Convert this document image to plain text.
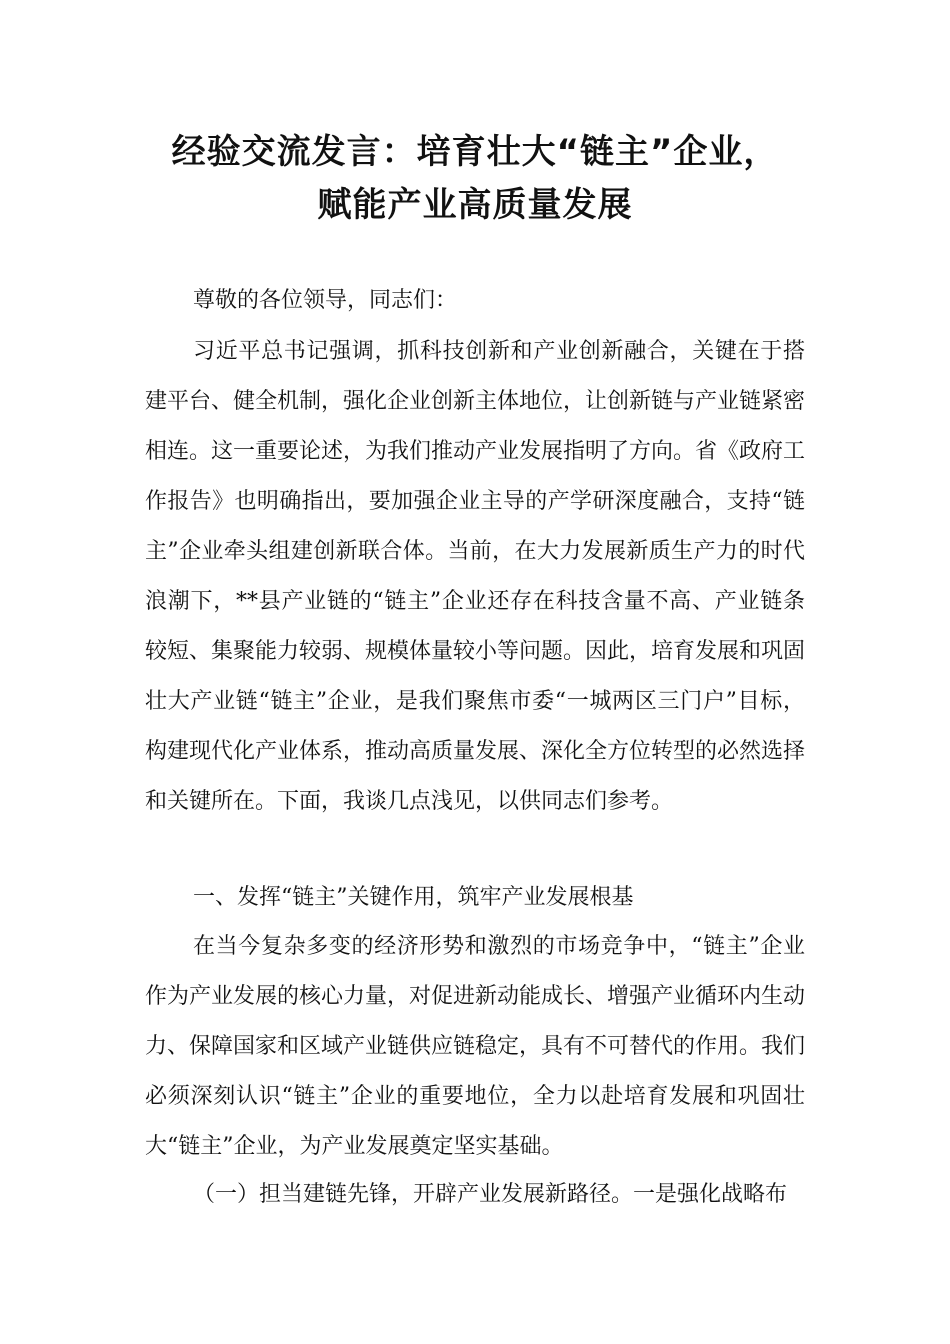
经验交流发言：培育壮大“链主”企业，
赋能产业高质量发展

尊敬的各位领导，同志们：

习近平总书记强调，抓科技创新和产业创新融合，关键在于搭建平台、健全机制，强化企业创新主体地位，让创新链与产业链紧密相连。这一重要论述，为我们推动产业发展指明了方向。省《政府工作报告》也明确指出，要加强企业主导的产学研深度融合，支持“链主”企业牵头组建创新联合体。当前，在大力发展新质生产力的时代浪潮下，**县产业链的“链主”企业还存在科技含量不高、产业链条较短、集聚能力较弱、规模体量较小等问题。因此，培育发展和巩固壮大产业链“链主”企业，是我们聚焦市委“一城两区三门户”目标，构建现代化产业体系，推动高质量发展、深化全方位转型的必然选择和关键所在。下面，我谈几点浅见，以供同志们参考。

一、发挥“链主”关键作用，筑牢产业发展根基

在当今复杂多变的经济形势和激烈的市场竞争中，“链主”企业作为产业发展的核心力量，对促进新动能成长、增强产业循环内生动力、保障国家和区域产业链供应链稳定，具有不可替代的作用。我们必须深刻认识“链主”企业的重要地位，全力以赴培育发展和巩固壮大“链主”企业，为产业发展奠定坚实基础。

（一）担当建链先锋，开辟产业发展新路径。一是强化战略布
